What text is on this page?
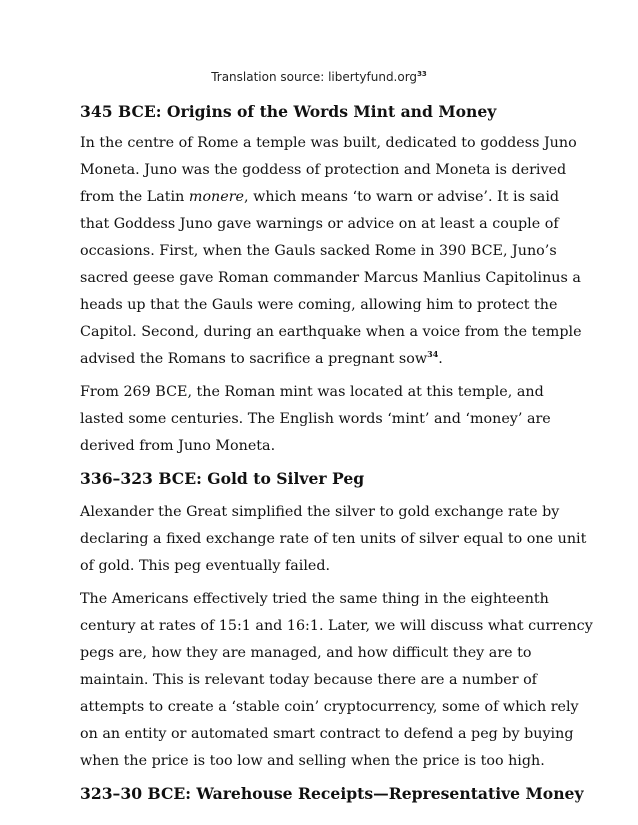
Translation source: libertyfund.org$^{33}$
345 BCE: Origins of the Words Mint and Money

In the centre of Rome a temple was built, dedicated to goddess Juno
Moneta. Juno was the goddess of protection and Moneta is derived
from the Latin monere, which means ‘to warn or advise’. It is said
that Goddess Juno gave warnings or advice on at least a couple of
occasions. First, when the Gauls sacked Rome in 390 BCE, Juno’s
sacred geese gave Roman commander Marcus Manlius Capitolinus a
heads up that the Gauls were coming, allowing him to protect the
Capitol. Second, during an earthquake when a voice from the temple
advised the Romans to sacrifice a pregnant sow$^{34}$.

From 269 BCE, the Roman mint was located at this temple, and
lasted some centuries. The English words ‘mint’ and ‘money’ are
derived from Juno Moneta.

336–323 BCE: Gold to Silver Peg

Alexander the Great simplified the silver to gold exchange rate by
declaring a fixed exchange rate of ten units of silver equal to one unit
of gold. This peg eventually failed.

The Americans effectively tried the same thing in the eighteenth
century at rates of 15:1 and 16:1. Later, we will discuss what currency
pegs are, how they are managed, and how difficult they are to
maintain. This is relevant today because there are a number of
attempts to create a ‘stable coin’ cryptocurrency, some of which rely
on an entity or automated smart contract to defend a peg by buying
when the price is too low and selling when the price is too high.

323–30 BCE: Warehouse Receipts—Representative Money
